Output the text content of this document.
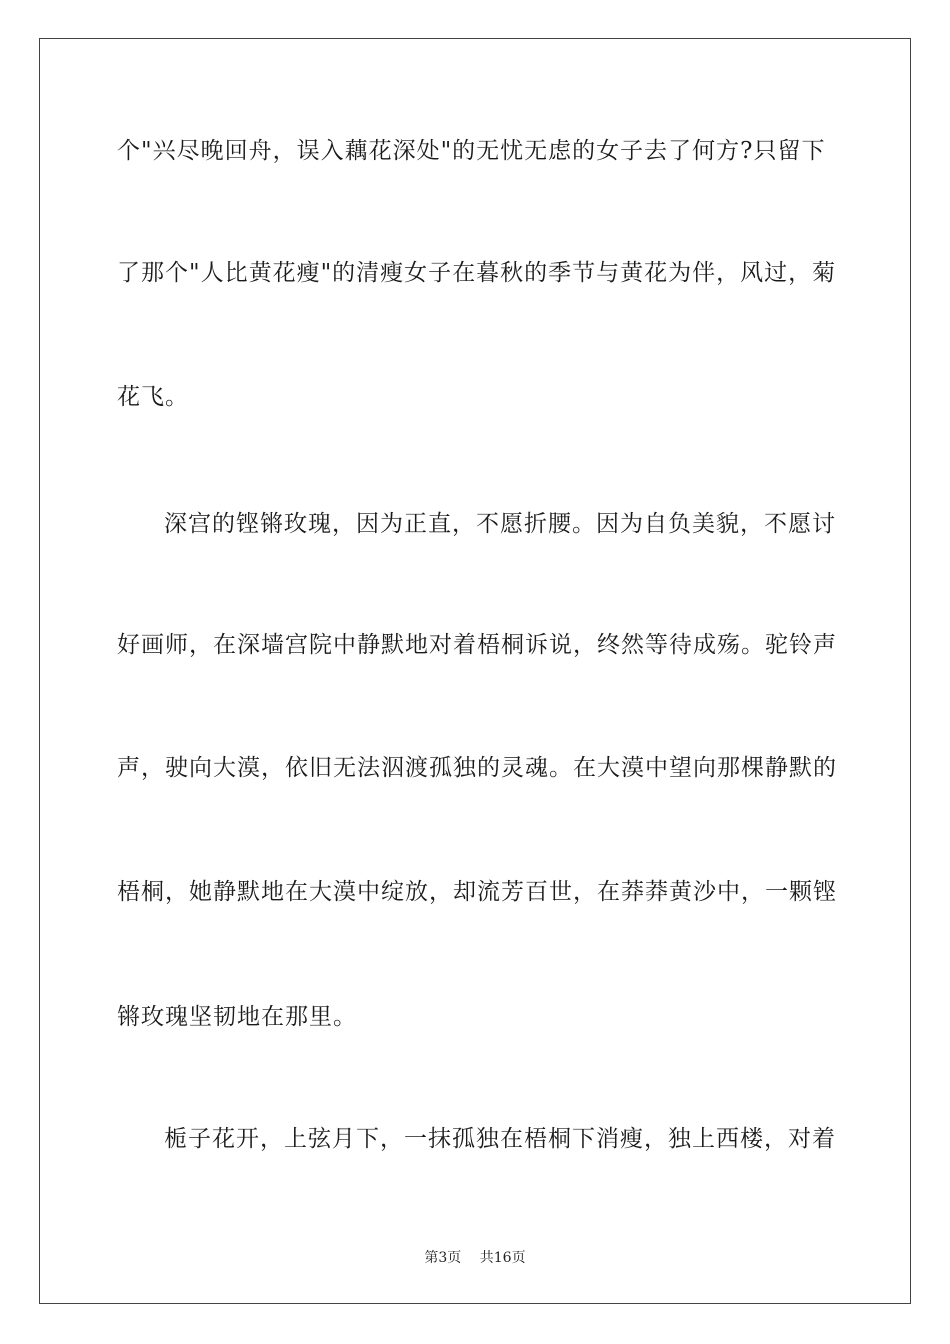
个"兴尽晚回舟，误入藕花深处"的无忧无虑的女子去了何方?只留下
了那个"人比黄花瘦"的清瘦女子在暮秋的季节与黄花为伴，风过，菊
花飞。
深宫的铿锵玫瑰，因为正直，不愿折腰。因为自负美貌，不愿讨
好画师，在深墙宫院中静默地对着梧桐诉说，终然等待成殇。驼铃声
声，驶向大漠，依旧无法泅渡孤独的灵魂。在大漠中望向那棵静默的
梧桐，她静默地在大漠中绽放，却流芳百世，在莽莽黄沙中，一颗铿
锵玫瑰坚韧地在那里。
栀子花开，上弦月下，一抹孤独在梧桐下消瘦，独上西楼，对着
第3页 共16页
